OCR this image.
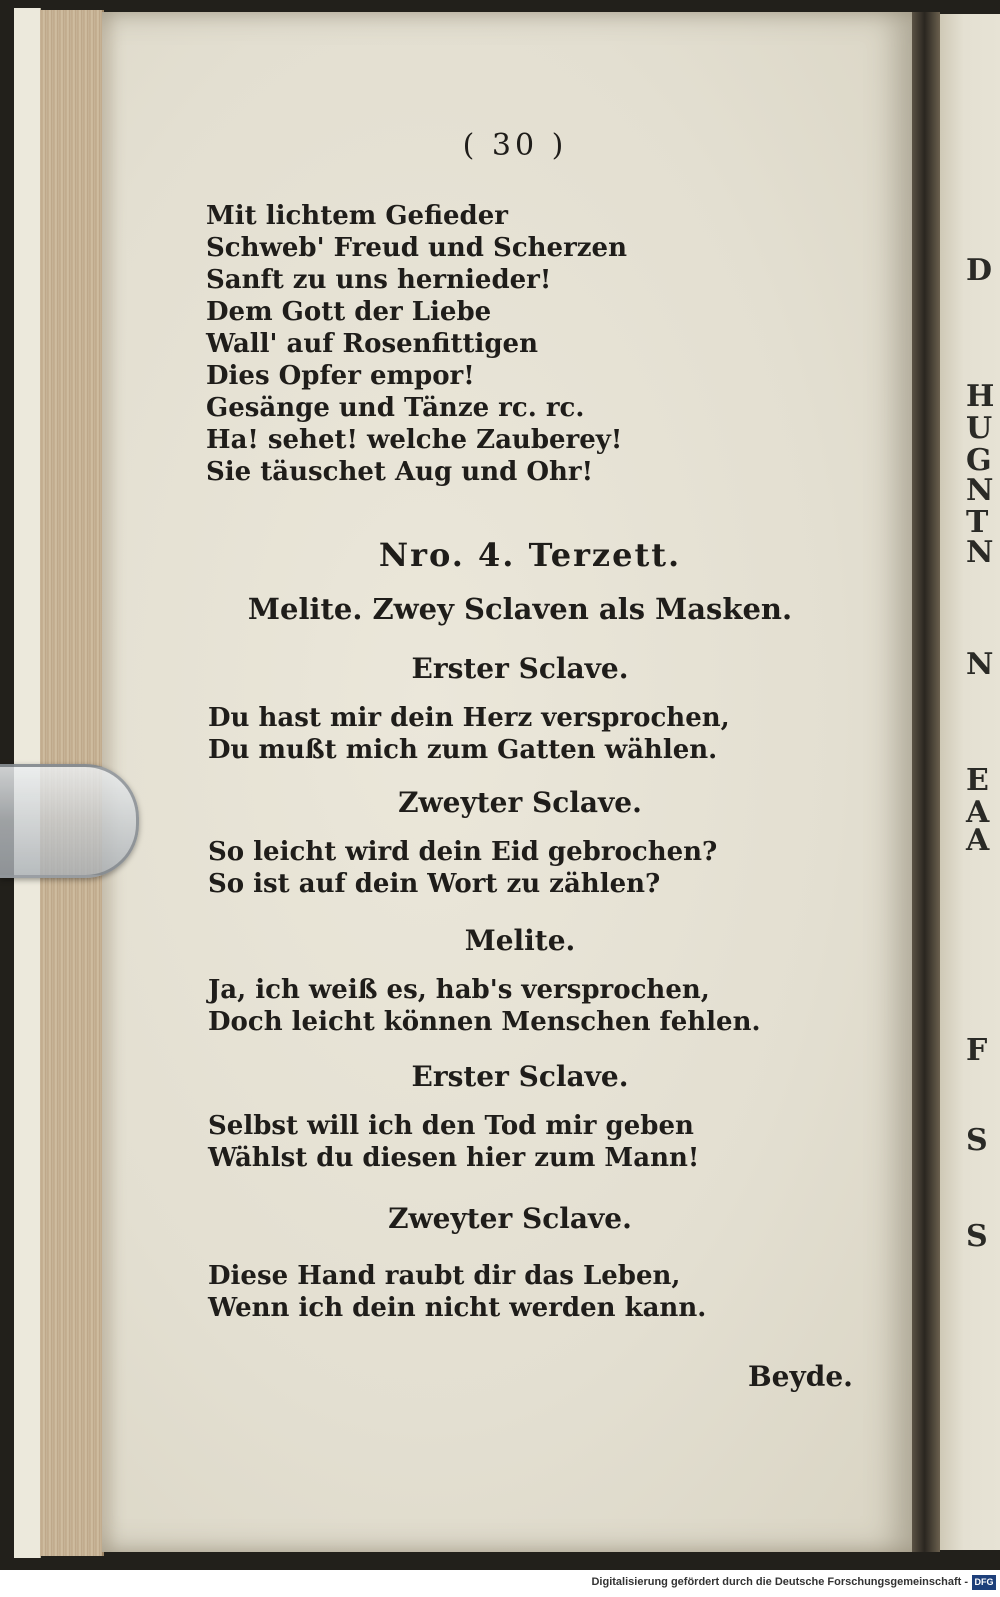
D
H
U
G
N
T
N
N
E
A
A
F
S
S
( 30 )
Mit lichtem Gefieder
Schweb' Freud und Scherzen
Sanft zu uns hernieder!
Dem Gott der Liebe
Wall' auf Rosenfittigen
Dies Opfer empor!
Gesänge und Tänze rc. rc.
Ha! sehet! welche Zauberey!
Sie täuschet Aug und Ohr!
Nro. 4. Terzett.
Melite. Zwey Sclaven als Masken.
Erster Sclave.
Du hast mir dein Herz versprochen,
Du mußt mich zum Gatten wählen.
Zweyter Sclave.
So leicht wird dein Eid gebrochen?
So ist auf dein Wort zu zählen?
Melite.
Ja, ich weiß es, hab's versprochen,
Doch leicht können Menschen fehlen.
Erster Sclave.
Selbst will ich den Tod mir geben
Wählst du diesen hier zum Mann!
Zweyter Sclave.
Diese Hand raubt dir das Leben,
Wenn ich dein nicht werden kann.
Beyde.
Digitalisierung gefördert durch die Deutsche Forschungsgemeinschaft - DFG
